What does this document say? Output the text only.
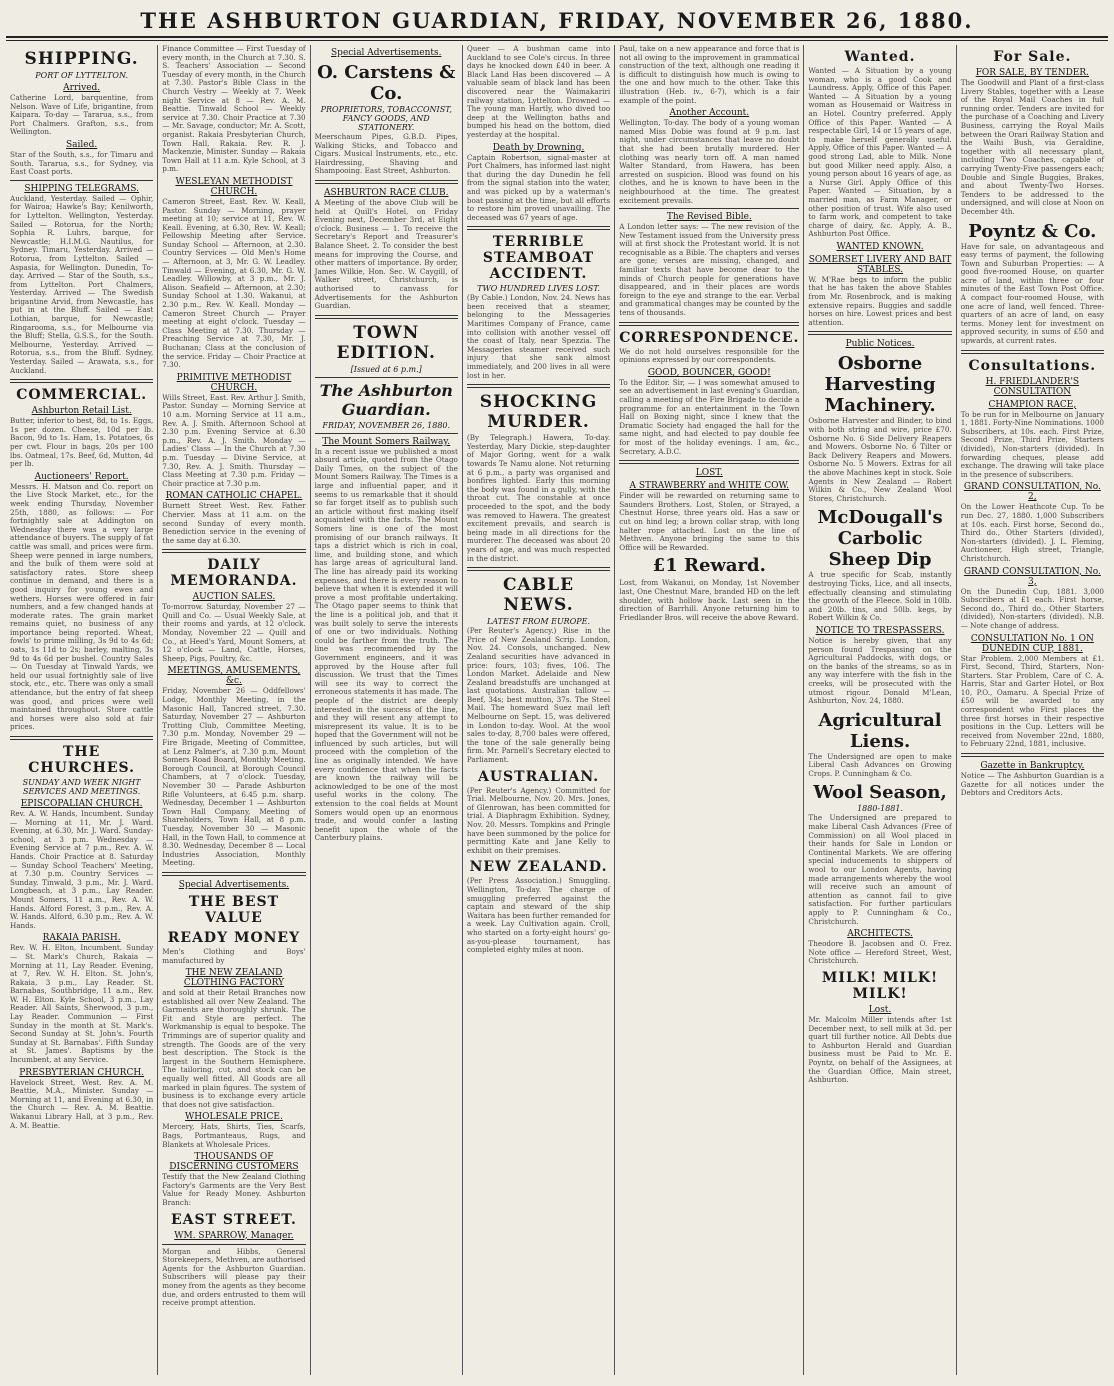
THE ASHBURTON GUARDIAN, FRIDAY, NOVEMBER 26, 1880.
SHIPPING.
PORT OF LYTTELTON.
Arrived.
Catherine Lord, barquentine, from Nelson. Wave of Life, brigantine, from Kaipara. To-day — Tararua, s.s., from Port Chalmers. Grafton, s.s., from Wellington.
Sailed.
Star of the South, s.s., for Timaru and South. Tararua, s.s., for Sydney, via East Coast ports.
SHIPPING TELEGRAMS.
Auckland, Yesterday. Sailed — Ophir, for Wairoa; Hawke's Bay; Kenilworth, for Lyttelton. Wellington, Yesterday. Sailed — Rotorua, for the North; Sophia R. Luhrs, barque, for Newcastle; H.I.M.G. Nautilus, for Sydney. Timaru, Yesterday. Arrived — Rotorua, from Lyttelton. Sailed — Aspasia, for Wellington. Dunedin, To-day. Arrived — Star of the South, s.s., from Lyttelton. Port Chalmers, Yesterday. Arrived — The Swedish brigantine Arvid, from Newcastle, has put in at the Bluff. Sailed — East Lothian, barque, for Newcastle; Ringarooma, s.s., for Melbourne via the Bluff; Stella, G.S.S., for the South. Melbourne, Yesterday. Arrived — Rotorua, s.s., from the Bluff. Sydney, Yesterday. Sailed — Arawata, s.s., for Auckland.
COMMERCIAL.
Ashburton Retail List.
Butter, inferior to best, 8d, to 1s. Eggs, 1s per dozen. Cheese, 10d per lb. Bacon, 9d to 1s. Ham, 1s. Potatoes, 6s per cwt. Flour in bags, 20s per 100 lbs. Oatmeal, 17s. Beef, 6d, Mutton, 4d per lb.
Auctioneers' Report.
Messrs. H. Matson and Co. report on the Live Stock Market, etc., for the week ending Thursday, November 25th, 1880, as follows: — For fortnightly sale at Addington on Wednesday there was a very large attendance of buyers. The supply of fat cattle was small, and prices were firm. Sheep were penned in large numbers, and the bulk of them were sold at satisfactory rates. Store sheep continue in demand, and there is a good inquiry for young ewes and wethers. Horses were offered in fair numbers, and a few changed hands at moderate rates. The grain market remains quiet, no business of any importance being reported. Wheat, fowls' to prime milling, 3s 9d to 4s 6d; oats, 1s 11d to 2s; barley, malting, 3s 9d to 4s 6d per bushel. Country Sales — On Tuesday at Tinwald Yards, we held our usual fortnightly sale of live stock, etc., etc. There was only a small attendance, but the entry of fat sheep was good, and prices were well maintained throughout. Store cattle and horses were also sold at fair prices.
THE CHURCHES.
SUNDAY AND WEEK NIGHT SERVICES AND MEETINGS.
EPISCOPALIAN CHURCH.
Rev. A. W. Hands, Incumbent. Sunday — Morning at 11, Mr. J. Ward. Evening, at 6.30, Mr. J. Ward. Sunday-school, at 3 p.m. Wednesday — Evening Service at 7 p.m., Rev. A. W. Hands. Choir Practice at 8. Saturday — Sunday School Teachers' Meeting, at 7.30 p.m. Country Services — Sunday. Tinwald, 3 p.m., Mr. J. Ward. Longbeach, at 3 p.m., Lay Reader. Mount Somers, 11 a.m., Rev. A. W. Hands. Alford Forest, 3 p.m., Rev. A. W. Hands. Alford, 6.30 p.m., Rev. A. W. Hands.
RAKAIA PARISH.
Rev. W. H. Elton, Incumbent. Sunday — St. Mark's Church, Rakaia — Morning at 11, Lay Reader. Evening, at 7, Rev. W. H. Elton. St. John's, Rakaia, 3 p.m., Lay Reader. St. Barnabas, Southbridge, 11 a.m., Rev. W. H. Elton. Kyle School, 3 p.m., Lay Reader. All Saints, Sherwood, 3 p.m., Lay Reader. Communion — First Sunday in the month at St. Mark's. Second Sunday at St. John's. Fourth Sunday at St. Barnabas'. Fifth Sunday at St. James'. Baptisms by the Incumbent, at any Service.
PRESBYTERIAN CHURCH.
Havelock Street, West. Rev. A. M. Beattie, M.A., Minister. Sunday — Morning at 11, and Evening at 6.30, in the Church — Rev. A. M. Beattie. Wakanui Library Hall, at 3 p.m., Rev. A. M. Beattie.
Finance Committee — First Tuesday of every month, in the Church at 7.30. S. S. Teachers' Association — Second Tuesday of every month, in the Church at 7.30. Pastor's Bible Class in the Church Vestry — Weekly at 7. Week night Service at 8 — Rev. A. M. Beattie. Tinwald School — Weekly service at 7.30. Choir Practice at 7.30 — Mr. Savage, conductor; Mr. A. Scott, organist. Rakaia Presbyterian Church, Town Hall, Rakaia. Rev. R. J. Mackenzie, Minister. Sunday — Rakaia Town Hall at 11 a.m. Kyle School, at 3 p.m.
WESLEYAN METHODIST CHURCH.
Cameron Street, East. Rev. W. Keall, Pastor. Sunday — Morning, prayer meeting at 10; service at 11, Rev. W. Keall. Evening, at 6.30, Rev. W. Keall; Fellowship Meeting after Service. Sunday School — Afternoon, at 2.30. Country Services — Old Men's Home — Afternoon, at 3, Mr. G. W. Leadley. Tinwald — Evening, at 6.30, Mr. G. W. Leadley. Willowby, at 3 p.m., Mr. J. Alison. Seafield — Afternoon, at 2.30; Sunday School at 1.30. Wakanui, at 2.30 p.m., Rev. W. Keall. Monday — Cameron Street Church — Prayer meeting at eight o'clock. Tuesday — Class Meeting at 7.30. Thursday — Preaching Service at 7.30, Mr. J. Buchanan; Class at the conclusion of the service. Friday — Choir Practice at 7.30.
PRIMITIVE METHODIST CHURCH.
Wills Street, East. Rev. Arthur J. Smith, Pastor. Sunday — Morning Service at 10 a.m. Morning Service at 11 a.m., Rev. A. J. Smith. Afternoon School at 2.30 p.m. Evening Service at 6.30 p.m., Rev. A. J. Smith. Monday — Ladies' Class — In the Church at 7.30 p.m. Tuesday — Divine Service, at 7.30, Rev. A. J. Smith. Thursday — Class Meeting at 7.30 p.m. Friday — Choir practice at 7.30 p.m.
ROMAN CATHOLIC CHAPEL.
Burnett Street West. Rev. Father Chervier. Mass at 11 a.m. on the second Sunday of every month. Benediction service in the evening of the same day at 6.30.
DAILY MEMORANDA.
AUCTION SALES.
To-morrow. Saturday, November 27 — Quill and Co. — Usual Weekly Sale, at their rooms and yards, at 12 o'clock. Monday, November 22 — Quill and Co., at Heed's Yard, Mount Somers, at 12 o'clock — Land, Cattle, Horses, Sheep, Pigs, Poultry, &c.
MEETINGS, AMUSEMENTS, &c.
Friday, November 26 — Oddfellows' Lodge, Monthly Meeting, in the Masonic Hall, Tancred street, 7.30. Saturday, November 27 — Ashburton Trotting Club, Committee Meeting, 7.30 p.m. Monday, November 29 — Fire Brigade, Meeting of Committee, at Lenz Palmer's, at 7.30 p.m. Mount Somers Road Board, Monthly Meeting. Borough Council, at Borough Council Chambers, at 7 o'clock. Tuesday, November 30 — Parade Ashburton Rifle Volunteers, at 6.45 p.m. sharp. Wednesday, December 1 — Ashburton Town Hall Company, Meeting of Shareholders, Town Hall, at 8 p.m. Tuesday, November 30 — Masonic Hall, in the Town Hall, to commence at 8.30. Wednesday, December 8 — Local Industries Association, Monthly Meeting.
Special Advertisements.
THE BEST VALUE
READY MONEY
Men's Clothing and Boys' manufactured by
THE NEW ZEALAND CLOTHING FACTORY
and sold at their Retail Branches now established all over New Zealand. The Garments are thoroughly shrunk. The Fit and Style are perfect. The Workmanship is equal to bespoke. The Trimmings are of superior quality and strength. The Goods are of the very best description. The Stock is the largest in the Southern Hemisphere. The tailoring, cut, and stock can be equally well fitted. All Goods are all marked in plain figures. The system of business is to exchange every article that does not give satisfaction.
WHOLESALE PRICE.
Mercery, Hats, Shirts, Ties, Scarfs, Bags, Portmanteaus, Rugs, and Blankets at Wholesale Prices.
THOUSANDS OF DISCERNING CUSTOMERS
Testify that the New Zealand Clothing Factory's Garments are the Very Best Value for Ready Money. Ashburton Branch:
EAST STREET.
WM. SPARROW, Manager.
Morgan and Hibbs, General Storekeepers, Methven, are authorised Agents for the Ashburton Guardian. Subscribers will please pay their money from the agents as they become due, and orders entrusted to them will receive prompt attention.
Special Advertisements.
O. Carstens & Co.
PROPRIETORS, TOBACCONIST, FANCY GOODS, AND STATIONERY.
Meerschaum Pipes, G.B.D. Pipes, Walking Sticks, and Tobacco and Cigars. Musical Instruments, etc., etc. Hairdressing, Shaving and Shampooing. East Street, Ashburton.
ASHBURTON RACE CLUB.
A Meeting of the above Club will be held at Quill's Hotel, on Friday Evening next, December 3rd, at Eight o'clock. Business — 1. To receive the Secretary's Report and Treasurer's Balance Sheet. 2. To consider the best means for improving the Course, and other matters of importance. By order, James Wilkie, Hon. Sec. W. Caygill, of Walker street, Christchurch, is authorised to canvass for Advertisements for the Ashburton Guardian.
TOWN EDITION.
[Issued at 6 p.m.]
The Ashburton Guardian.
FRIDAY, NOVEMBER 26, 1880.
The Mount Somers Railway.
In a recent issue we published a most absurd article, quoted from the Otago Daily Times, on the subject of the Mount Somers Railway. The Times is a large and influential paper, and it seems to us remarkable that it should so far forget itself as to publish such an article without first making itself acquainted with the facts. The Mount Somers line is one of the most promising of our branch railways. It taps a district which is rich in coal, lime, and building stone, and which has large areas of agricultural land. The line has already paid its working expenses, and there is every reason to believe that when it is extended it will prove a most profitable undertaking. The Otago paper seems to think that the line is a political job, and that it was built solely to serve the interests of one or two individuals. Nothing could be farther from the truth. The line was recommended by the Government engineers, and it was approved by the House after full discussion. We trust that the Times will see its way to correct the erroneous statements it has made. The people of the district are deeply interested in the success of the line, and they will resent any attempt to misrepresent its value. It is to be hoped that the Government will not be influenced by such articles, but will proceed with the completion of the line as originally intended. We have every confidence that when the facts are known the railway will be acknowledged to be one of the most useful works in the colony. The extension to the coal fields at Mount Somers would open up an enormous trade, and would confer a lasting benefit upon the whole of the Canterbury plains.
Queer — A bushman came into Auckland to see Cole's circus. In three days he knocked down £40 in beer. A Black Land Has been discovered — A valuable seam of black land has been discovered near the Waimakariri railway station, Lyttelton. Drowned — The young man Hartly, who dived too deep at the Wellington baths and bumped his head on the bottom, died yesterday at the hospital.
Death by Drowning.
Captain Robertson, signal-master at Port Chalmers, has informed last night that during the day Dunedin he fell from the signal station into the water, and was picked up by a waterman's boat passing at the time, but all efforts to restore him proved unavailing. The deceased was 67 years of age.
TERRIBLE STEAMBOAT ACCIDENT.
TWO HUNDRED LIVES LOST.
(By Cable.) London, Nov. 24. News has been received that a steamer, belonging to the Messageries Maritimes Company of France, came into collision with another vessel off the coast of Italy, near Spezzia. The Messageries steamer received such injury that she sank almost immediately, and 200 lives in all were lost in her.
SHOCKING MURDER.
(By Telegraph.) Hawera, To-day. Yesterday, Mary Dickie, step-daughter of Major Goring, went for a walk towards Te Namu alone. Not returning at 6 p.m., a party was organised and bonfires lighted. Early this morning the body was found in a gully, with the throat cut. The constable at once proceeded to the spot, and the body was removed to Hawera. The greatest excitement prevails, and search is being made in all directions for the murderer. The deceased was about 20 years of age, and was much respected in the district.
CABLE NEWS.
LATEST FROM EUROPE.
(Per Reuter's Agency.) Rise in the Price of New Zealand Scrip. London, Nov. 24. Consols, unchanged. New Zealand securities have advanced in price: fours, 103; fives, 106. The London Market. Adelaide and New Zealand breadstuffs are unchanged at last quotations. Australian tallow — Beef, 34s; best mutton, 37s. The Steel Mail. The homeward Suez mail left Melbourne on Sept. 15, was delivered in London to-day. Wool. At the wool sales to-day, 8,700 bales were offered, the tone of the sale generally being firm. Mr. Parnell's Secretary elected to Parliament.
AUSTRALIAN.
(Per Reuter's Agency.) Committed for Trial. Melbourne, Nov. 20. Mrs. Jones, of Glenrowan, has been committed for trial. A Diaphragm Exhibition. Sydney, Nov. 20. Messrs. Tompkins and Pringle have been summoned by the police for permitting Kate and Jane Kelly to exhibit on their premises.
NEW ZEALAND.
(Per Press Association.) Smuggling. Wellington, To-day. The charge of smuggling preferred against the captain and steward of the ship Waitara has been further remanded for a week. Lay Cultivation again. Croll, who started on a forty-eight hours' go-as-you-please tournament, has completed eighty miles at noon.
Paul, take on a new appearance and force that is not all owing to the improvement in grammatical construction of the text, although one reading it is difficult to distinguish how much is owing to the one and how much to the other. Take this illustration (Heb. iv., 6-7), which is a fair example of the point.
Another Account.
Wellington, To-day. The body of a young woman named Miss Dobie was found at 9 p.m. last night, under circumstances that leave no doubt that she had been brutally murdered. Her clothing was nearly torn off. A man named Walter Standard, from Hawera, has been arrested on suspicion. Blood was found on his clothes, and he is known to have been in the neighbourhood at the time. The greatest excitement prevails.
The Revised Bible.
A London letter says: — The new revision of the New Testament issued from the University press will at first shock the Protestant world. It is not recognisable as a Bible. The chapters and verses are gone; verses are missing, changed, and familiar texts that have become dear to the minds of Church people for generations have disappeared, and in their places are words foreign to the eye and strange to the ear. Verbal and grammatical changes may be counted by the tens of thousands.
CORRESPONDENCE.
We do not hold ourselves responsible for the opinions expressed by our correspondents.
GOOD, BOUNCER, GOOD!
To the Editor. Sir, — I was somewhat amused to see an advertisement in last evening's Guardian, calling a meeting of the Fire Brigade to decide a programme for an entertainment in the Town Hall on Boxing night, since I knew that the Dramatic Society had engaged the hall for the same night, and had elected to pay double fee for most of the holiday evenings. I am, &c., Secretary, A.D.C.
LOST.
A STRAWBERRY and WHITE COW.
Finder will be rewarded on returning same to Saunders Brothers. Lost, Stolen, or Strayed, a Chestnut Horse, three years old. Has a saw or cut on hind leg; a brown collar strap, with long halter rope attached. Lost on the line of Methven. Anyone bringing the same to this Office will be Rewarded.
£1 Reward.
Lost, from Wakanui, on Monday, 1st November last, One Chestnut Mare, branded HD on the left shoulder, with hollow back. Last seen in the direction of Barrhill. Anyone returning him to Friedlander Bros. will receive the above Reward.
Wanted.
Wanted — A Situation by a young woman, who is a good Cook and Laundress. Apply, Office of this Paper. Wanted — A Situation by a young woman as Housemaid or Waitress in an Hotel. Country preferred. Apply Office of this Paper. Wanted — A respectable Girl, 14 or 15 years of age, to make herself generally useful. Apply, Office of this Paper. Wanted — A good strong Lad, able to Milk. None but good Milker need apply. Also, a young person about 16 years of age, as a Nurse Girl. Apply Office of this Paper. Wanted — Situation, by a married man, as Farm Manager, or other position of trust. Wife also used to farm work, and competent to take charge of dairy, &c. Apply, A. B., Ashburton Post Office.
WANTED KNOWN.
SOMERSET LIVERY AND BAIT STABLES.
W. M'Rae begs to inform the public that he has taken the above Stables from Mr. Rosenbrock, and is making extensive repairs. Buggies and saddle horses on hire. Lowest prices and best attention.
Public Notices.
Osborne Harvesting Machinery.
Osborne Harvester and Binder, to bind with both string and wire, price £70. Osborne No. 6 Side Delivery Reapers and Mowers. Osborne No. 6 Tilter or Back Delivery Reapers and Mowers. Osborne No. 5 Mowers. Extras for all the above Machines kept in stock. Sole Agents in New Zealand — Robert Wilkin & Co., New Zealand Wool Stores, Christchurch.
McDougall's Carbolic Sheep Dip
A true specific for Scab, instantly destroying Ticks, Lice, and all insects, effectually cleansing and stimulating the growth of the Fleece. Sold in 10lb. and 20lb. tins, and 50lb. kegs, by Robert Wilkin & Co.
NOTICE TO TRESPASSERS.
Notice is hereby given, that any person found Trespassing on the Agricultural Paddocks, with dogs, or on the banks of the streams, so as in any way interfere with the fish in the creeks, will be prosecuted with the utmost rigour. Donald M'Lean, Ashburton, Nov. 24, 1880.
Agricultural Liens.
The Undersigned are open to make Liberal Cash Advances on Growing Crops. P. Cunningham & Co.
Wool Season,
1880-1881.
The Undersigned are prepared to make Liberal Cash Advances (Free of Commission) on all Wool placed in their hands for Sale in London or Continental Markets. We are offering special inducements to shippers of wool to our London Agents, having made arrangements whereby the wool will receive such an amount of attention as cannot fail to give satisfaction. For further particulars apply to P. Cunningham & Co., Christchurch.
ARCHITECTS.
Theodore B. Jacobsen and O. Frez. Note office — Hereford Street, West, Christchurch.
MILK! MILK! MILK!
Lost.
Mr. Malcolm Miller intends after 1st December next, to sell milk at 3d. per quart till further notice. All Debts due to Ashburton Herald and Guardian business must be Paid to Mr. E. Poyntz, on behalf of the Assignees, at the Guardian Office, Main street, Ashburton.
For Sale.
FOR SALE, BY TENDER.
The Goodwill and Plant of a first-class Livery Stables, together with a Lease of the Royal Mail Coaches in full running order. Tenders are invited for the purchase of a Coaching and Livery Business, carrying the Royal Mails between the Orari Railway Station and the Waihi Bush, via Geraldine, together with all necessary plant, including Two Coaches, capable of carrying Twenty-Five passengers each; Double and Single Buggies, Brakes, and about Twenty-Two Horses. Tenders to be addressed to the undersigned, and will close at Noon on December 4th.
Poyntz & Co.
Have for sale, on advantageous and easy terms of payment, the following Town and Suburban Properties: — A good five-roomed House, on quarter acre of land, within three or four minutes of the East Town Post Office. A compact four-roomed House, with one acre of land, well fenced. Three-quarters of an acre of land, on easy terms. Money lent for investment on approved security, in sums of £50 and upwards, at current rates.
Consultations.
H. FRIEDLANDER'S CONSULTATION
CHAMPION RACE,
To be run for in Melbourne on January 1, 1881. Forty-Nine Nominations. 1000 Subscribers, at 10s. each. First Prize, Second Prize, Third Prize, Starters (divided), Non-starters (divided). In forwarding cheques, please add exchange. The drawing will take place in the presence of subscribers.
GRAND CONSULTATION, No. 2,
On the Lower Heathcote Cup. To be run Dec. 27, 1880. 1,000 Subscribers at 10s. each. First horse, Second do., Third do., Other Starters (divided), Non-starters (divided). J. L. Fleming, Auctioneer, High street, Triangle, Christchurch.
GRAND CONSULTATION, No. 3,
On the Dunedin Cup, 1881. 3,000 Subscribers at £1 each. First horse, Second do., Third do., Other Starters (divided), Non-starters (divided). N.B. — Note change of address.
CONSULTATION No. 1 ON DUNEDIN CUP, 1881.
Star Problem. 2,000 Members at £1. First, Second, Third, Starters, Non-Starters. Star Problem, Care of C. A. Harris, Star and Garter Hotel, or Box 10, P.O., Oamaru. A Special Prize of £50 will be awarded to any correspondent who First places the three first horses in their respective positions in the Cup. Letters will be received from November 22nd, 1880, to February 22nd, 1881, inclusive.
Gazette in Bankruptcy.
Notice — The Ashburton Guardian is a Gazette for all notices under the Debtors and Creditors Acts.
